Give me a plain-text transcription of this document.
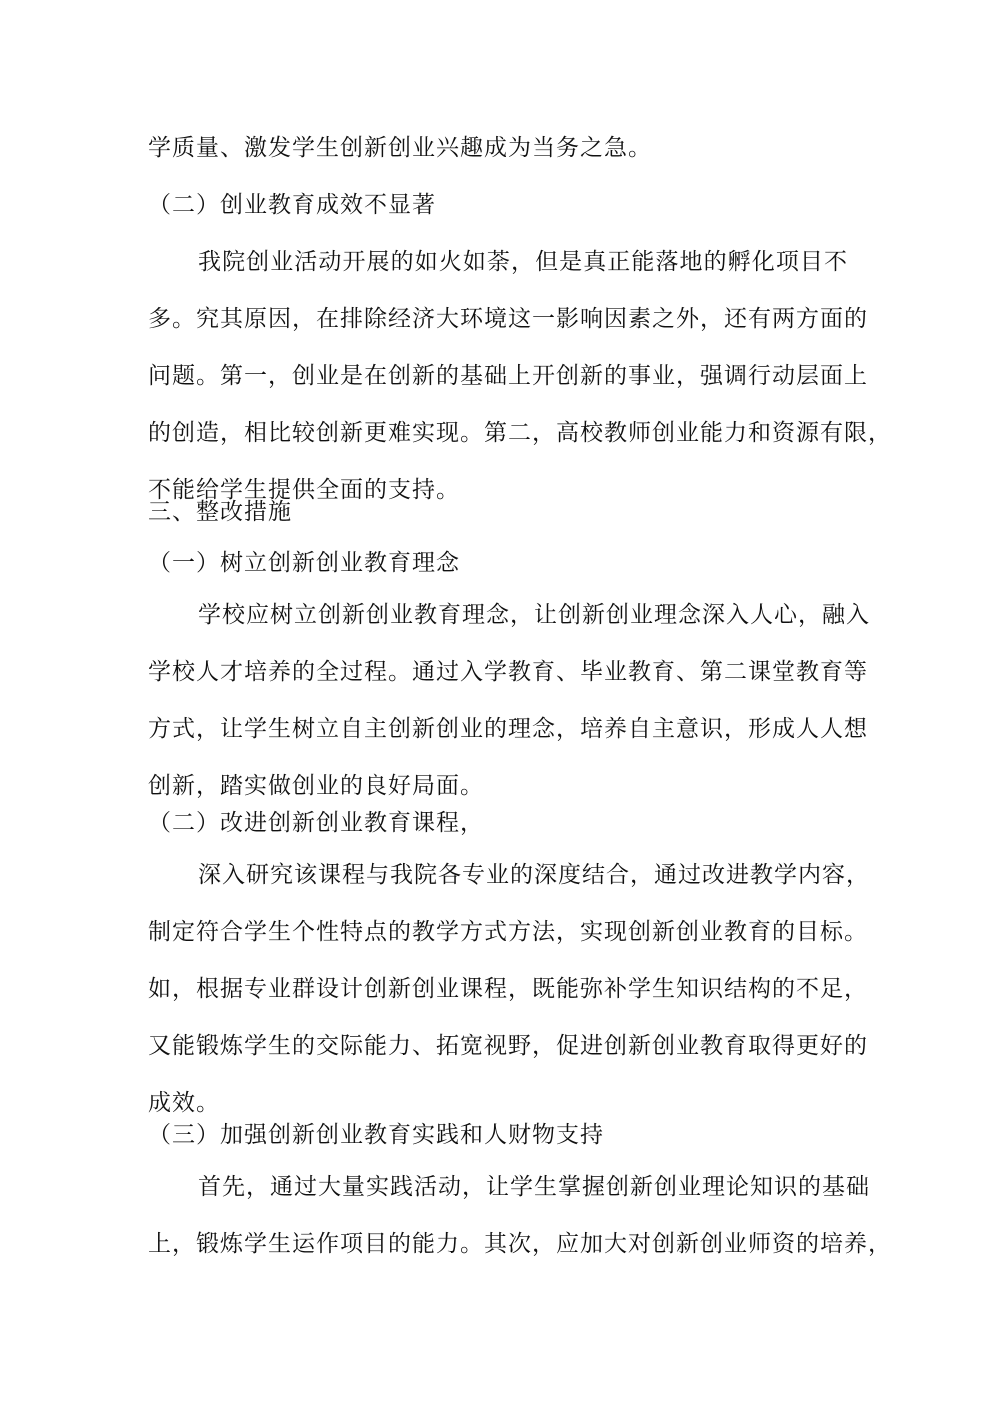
学质量、激发学生创新创业兴趣成为当务之急。
（二）创业教育成效不显著
我院创业活动开展的如火如荼，但是真正能落地的孵化项目不
多。究其原因，在排除经济大环境这一影响因素之外，还有两方面的
问题。第一，创业是在创新的基础上开创新的事业，强调行动层面上
的创造，相比较创新更难实现。第二，高校教师创业能力和资源有限，
不能给学生提供全面的支持。
三、整改措施
（一）树立创新创业教育理念
学校应树立创新创业教育理念，让创新创业理念深入人心，融入
学校人才培养的全过程。通过入学教育、毕业教育、第二课堂教育等
方式，让学生树立自主创新创业的理念，培养自主意识，形成人人想
创新，踏实做创业的良好局面。
（二）改进创新创业教育课程，
深入研究该课程与我院各专业的深度结合，通过改进教学内容，
制定符合学生个性特点的教学方式方法，实现创新创业教育的目标。
如，根据专业群设计创新创业课程，既能弥补学生知识结构的不足，
又能锻炼学生的交际能力、拓宽视野，促进创新创业教育取得更好的
成效。
（三）加强创新创业教育实践和人财物支持
首先，通过大量实践活动，让学生掌握创新创业理论知识的基础
上，锻炼学生运作项目的能力。其次，应加大对创新创业师资的培养，
